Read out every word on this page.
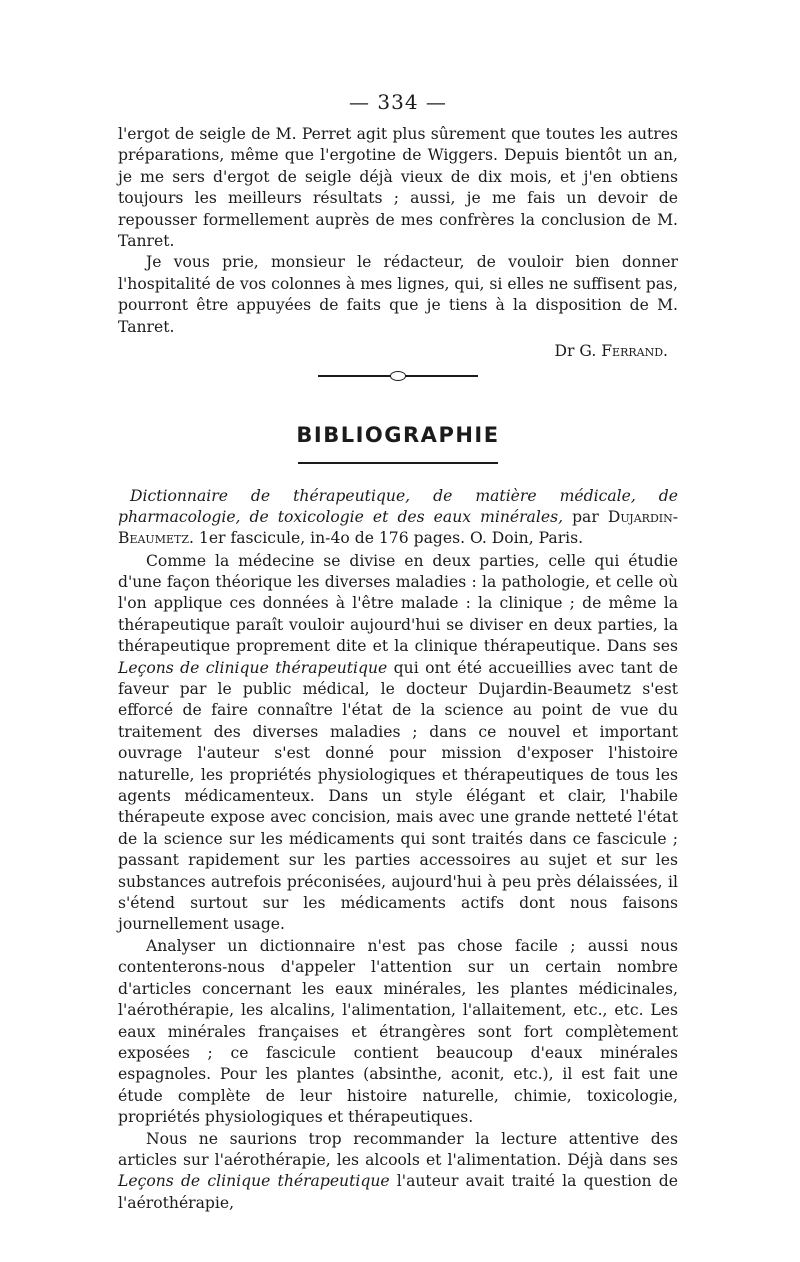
— 334 —

l'ergot de seigle de M. Perret agit plus sûrement que toutes les autres préparations, même que l'ergotine de Wiggers. Depuis bientôt un an, je me sers d'ergot de seigle déjà vieux de dix mois, et j'en obtiens toujours les meilleurs résultats ; aussi, je me fais un devoir de repousser formellement auprès de mes confrères la conclusion de M. Tanret.

Je vous prie, monsieur le rédacteur, de vouloir bien donner l'hospitalité de vos colonnes à mes lignes, qui, si elles ne suffisent pas, pourront être appuyées de faits que je tiens à la disposition de M. Tanret.

Dr G. Ferrand.
BIBLIOGRAPHIE
Dictionnaire de thérapeutique, de matière médicale, de pharmacologie, de toxicologie et des eaux minérales, par Dujardin-Beaumetz. 1er fascicule, in-4o de 176 pages. O. Doin, Paris.

Comme la médecine se divise en deux parties, celle qui étudie d'une façon théorique les diverses maladies : la pathologie, et celle où l'on applique ces données à l'être malade : la clinique ; de même la thérapeutique paraît vouloir aujourd'hui se diviser en deux parties, la thérapeutique proprement dite et la clinique thérapeutique. Dans ses Leçons de clinique thérapeutique qui ont été accueillies avec tant de faveur par le public médical, le docteur Dujardin-Beaumetz s'est efforcé de faire connaître l'état de la science au point de vue du traitement des diverses maladies ; dans ce nouvel et important ouvrage l'auteur s'est donné pour mission d'exposer l'histoire naturelle, les propriétés physiologiques et thérapeutiques de tous les agents médicamenteux. Dans un style élégant et clair, l'habile thérapeute expose avec concision, mais avec une grande netteté l'état de la science sur les médicaments qui sont traités dans ce fascicule ; passant rapidement sur les parties accessoires au sujet et sur les substances autrefois préconisées, aujourd'hui à peu près délaissées, il s'étend surtout sur les médicaments actifs dont nous faisons journellement usage.

Analyser un dictionnaire n'est pas chose facile ; aussi nous contenterons-nous d'appeler l'attention sur un certain nombre d'articles concernant les eaux minérales, les plantes médicinales, l'aérothérapie, les alcalins, l'alimentation, l'allaitement, etc., etc. Les eaux minérales françaises et étrangères sont fort complètement exposées ; ce fascicule contient beaucoup d'eaux minérales espagnoles. Pour les plantes (absinthe, aconit, etc.), il est fait une étude complète de leur histoire naturelle, chimie, toxicologie, propriétés physiologiques et thérapeutiques.

Nous ne saurions trop recommander la lecture attentive des articles sur l'aérothérapie, les alcools et l'alimentation. Déjà dans ses Leçons de clinique thérapeutique l'auteur avait traité la question de l'aérothérapie,
